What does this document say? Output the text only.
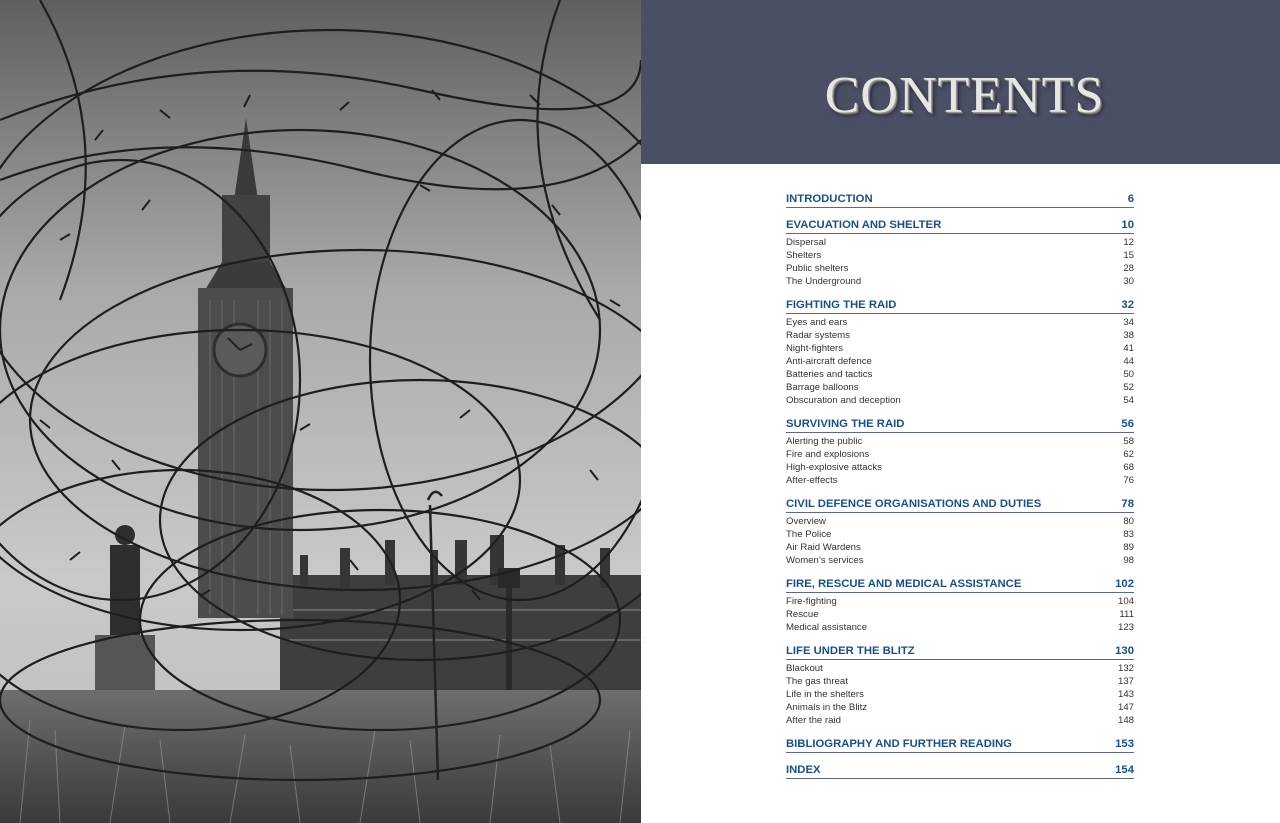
CONTENTS
INTRODUCTION	6
EVACUATION AND SHELTER	10
Dispersal	12
Shelters	15
Public shelters	28
The Underground	30
FIGHTING THE RAID	32
Eyes and ears	34
Radar systems	38
Night-fighters	41
Anti-aircraft defence	44
Batteries and tactics	50
Barrage balloons	52
Obscuration and deception	54
SURVIVING THE RAID	56
Alerting the public	58
Fire and explosions	62
High-explosive attacks	68
After-effects	76
CIVIL DEFENCE ORGANISATIONS AND DUTIES	78
Overview	80
The Police	83
Air Raid Wardens	89
Women’s services	98
FIRE, RESCUE AND MEDICAL ASSISTANCE	102
Fire-fighting	104
Rescue	111
Medical assistance	123
LIFE UNDER THE BLITZ	130
Blackout	132
The gas threat	137
Life in the shelters	143
Animals in the Blitz	147
After the raid	148
BIBLIOGRAPHY AND FURTHER READING	153
INDEX	154
